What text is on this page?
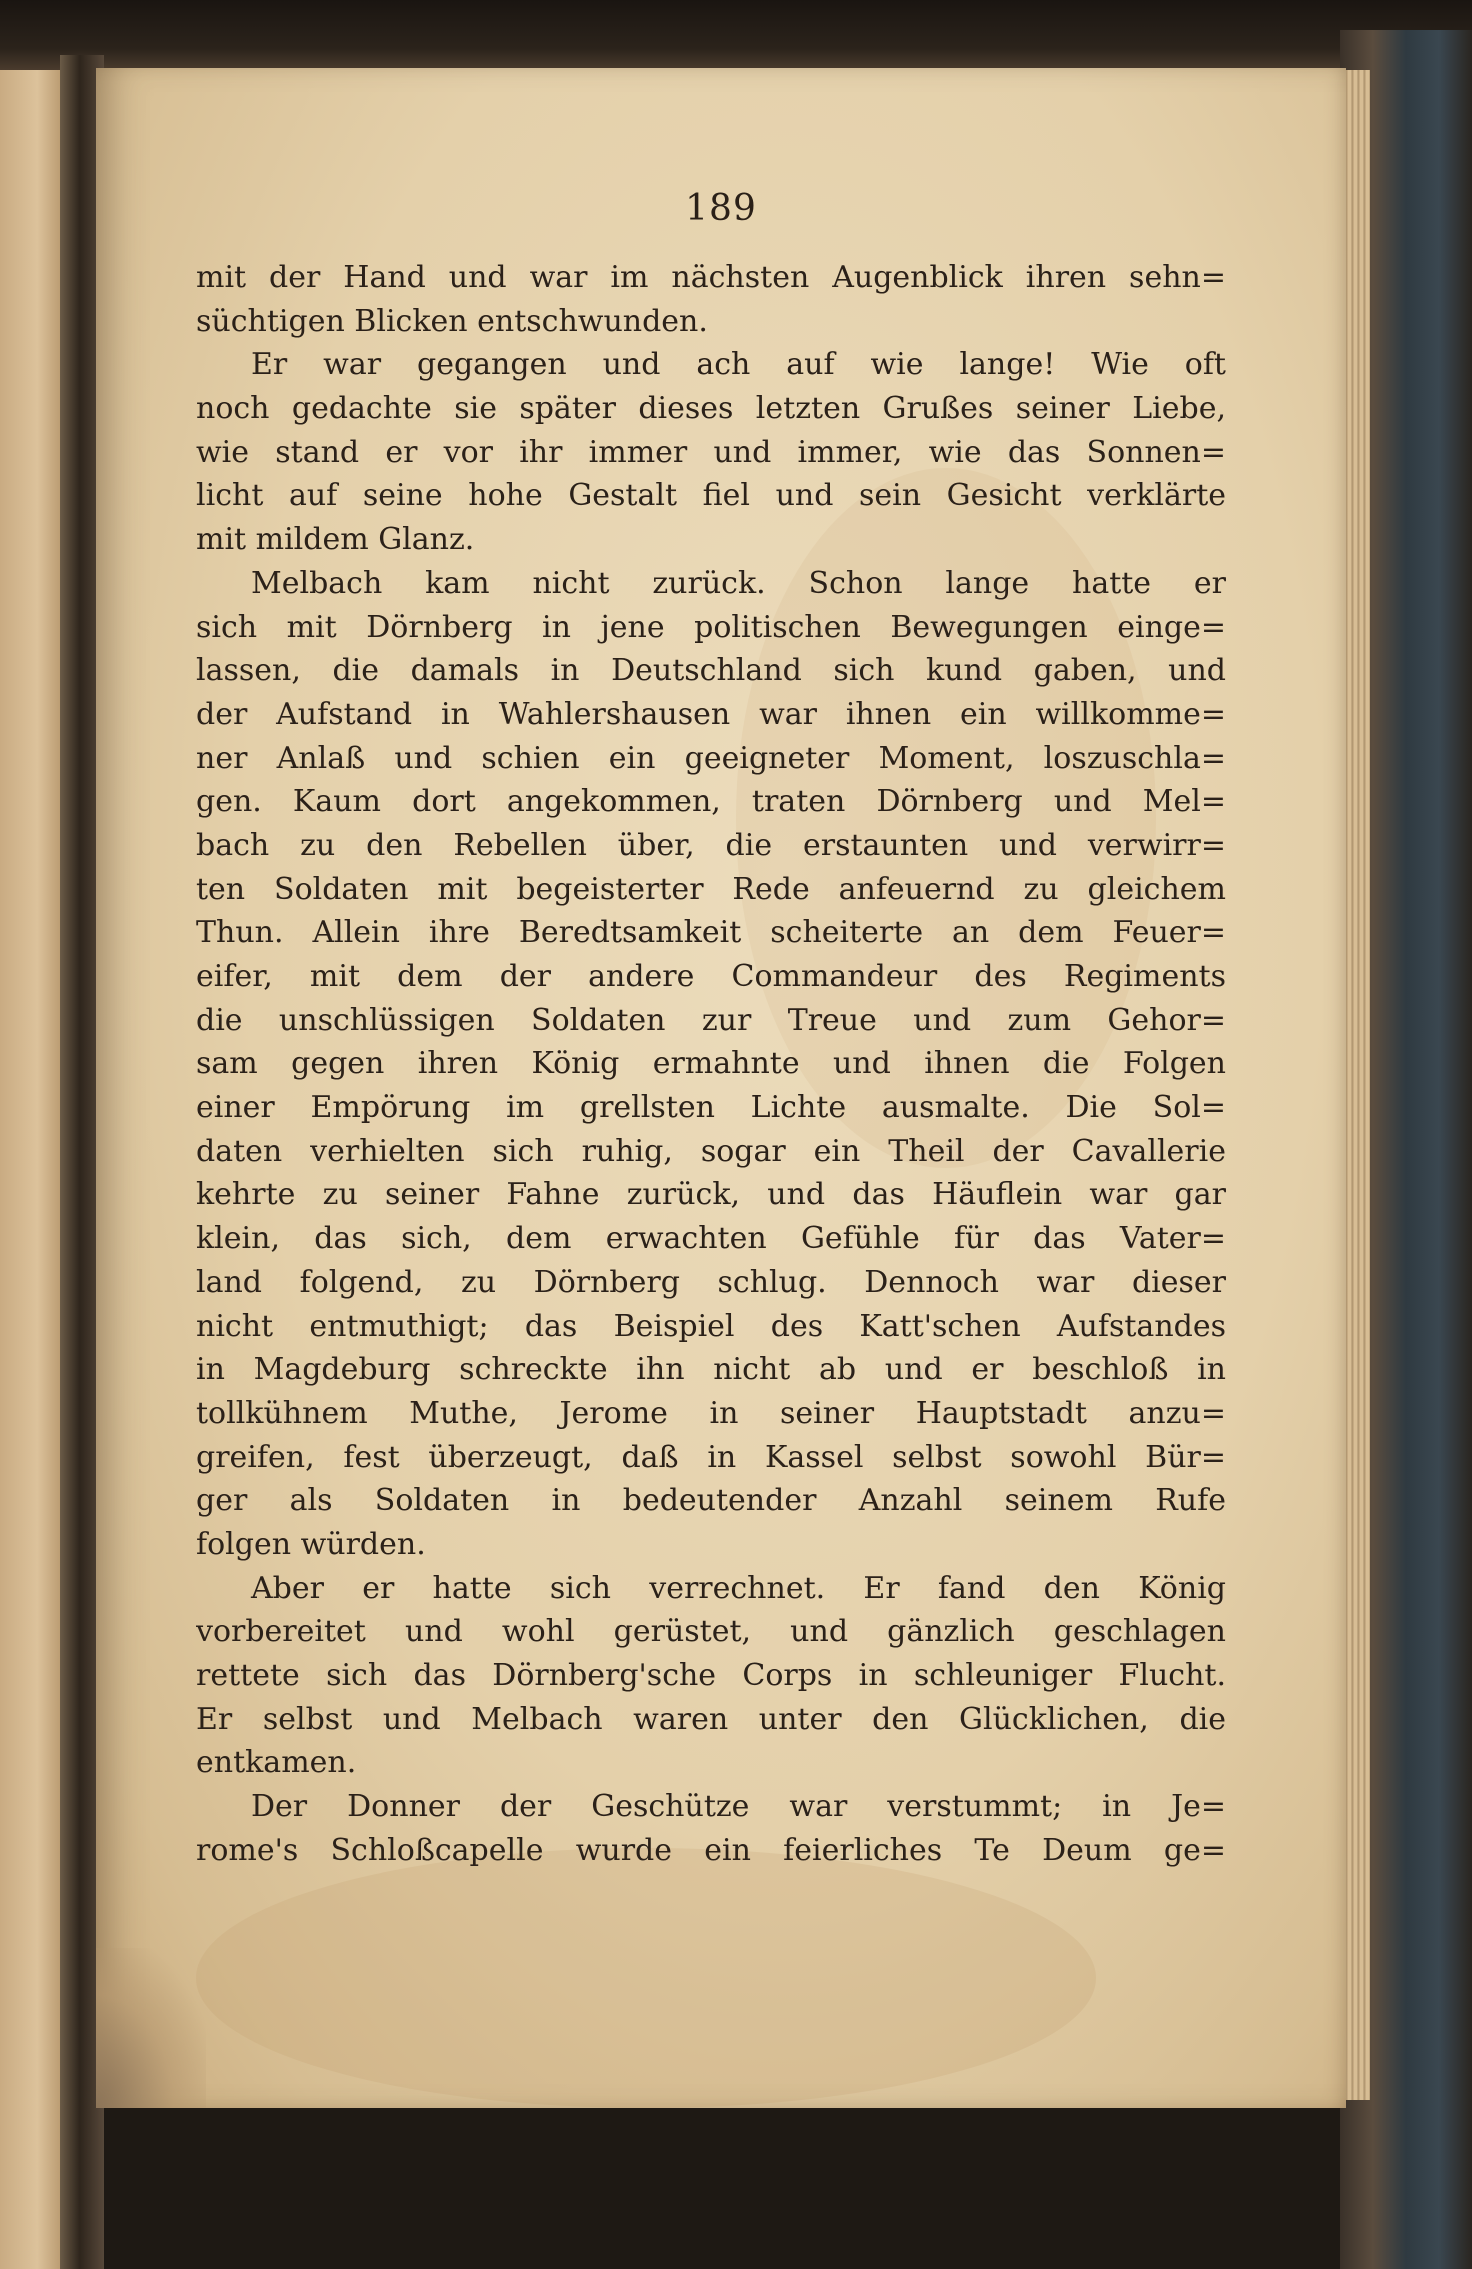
189
mit der Hand und war im nächsten Augenblick ihren sehn=
süchtigen Blicken entschwunden.
Er war gegangen und ach auf wie lange! Wie oft
noch gedachte sie später dieses letzten Grußes seiner Liebe,
wie stand er vor ihr immer und immer, wie das Sonnen=
licht auf seine hohe Gestalt fiel und sein Gesicht verklärte
mit mildem Glanz.
Melbach kam nicht zurück. Schon lange hatte er
sich mit Dörnberg in jene politischen Bewegungen einge=
lassen, die damals in Deutschland sich kund gaben, und
der Aufstand in Wahlershausen war ihnen ein willkomme=
ner Anlaß und schien ein geeigneter Moment, loszuschla=
gen. Kaum dort angekommen, traten Dörnberg und Mel=
bach zu den Rebellen über, die erstaunten und verwirr=
ten Soldaten mit begeisterter Rede anfeuernd zu gleichem
Thun. Allein ihre Beredtsamkeit scheiterte an dem Feuer=
eifer, mit dem der andere Commandeur des Regiments
die unschlüssigen Soldaten zur Treue und zum Gehor=
sam gegen ihren König ermahnte und ihnen die Folgen
einer Empörung im grellsten Lichte ausmalte. Die Sol=
daten verhielten sich ruhig, sogar ein Theil der Cavallerie
kehrte zu seiner Fahne zurück, und das Häuflein war gar
klein, das sich, dem erwachten Gefühle für das Vater=
land folgend, zu Dörnberg schlug. Dennoch war dieser
nicht entmuthigt; das Beispiel des Katt'schen Aufstandes
in Magdeburg schreckte ihn nicht ab und er beschloß in
tollkühnem Muthe, Jerome in seiner Hauptstadt anzu=
greifen, fest überzeugt, daß in Kassel selbst sowohl Bür=
ger als Soldaten in bedeutender Anzahl seinem Rufe
folgen würden.
Aber er hatte sich verrechnet. Er fand den König
vorbereitet und wohl gerüstet, und gänzlich geschlagen
rettete sich das Dörnberg'sche Corps in schleuniger Flucht.
Er selbst und Melbach waren unter den Glücklichen, die
entkamen.
Der Donner der Geschütze war verstummt; in Je=
rome's Schloßcapelle wurde ein feierliches Te Deum ge=
